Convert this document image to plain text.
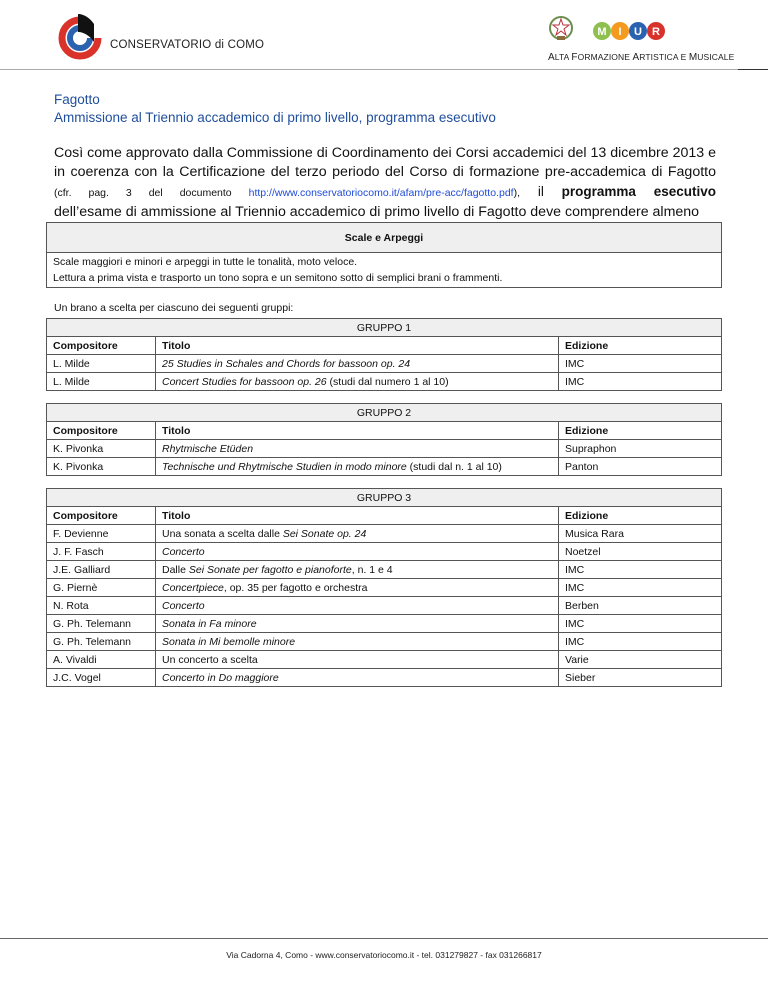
CONSERVATORIO di COMO
M I U R
ALTA FORMAZIONE ARTISTICA E MUSICALE
Fagotto
Ammissione al Triennio accademico di primo livello, programma esecutivo

Così come approvato dalla Commissione di Coordinamento dei Corsi accademici del 13 dicembre 2013 e

in coerenza con la Certificazione del terzo periodo del Corso di formazione pre-accademica di Fagotto

(cfr. pag. 3 del documento http://www.conservatoriocomo.it/afam/pre-acc/fagotto.pdf), il programma esecutivo

dell’esame di ammissione al Triennio accademico di primo livello di Fagotto deve comprendere almeno

Scale e Arpeggi

Scale maggiori e minori e arpeggi in tutte le tonalità, moto veloce.
Lettura a prima vista e trasporto un tono sopra e un semitono sotto di semplici brani o frammenti.
Un brano a scelta per ciascuno dei seguenti gruppi:
GRUPPO 1		
Compositore	Titolo	Edizione
L. Milde	25 Studies in Schales and Chords for bassoon op. 24	IMC
L. Milde	Concert Studies for bassoon op. 26 (studi dal numero 1 al 10)	IMC
GRUPPO 2		
Compositore	Titolo	Edizione
K. Pivonka	Rhytmische Etüden	Supraphon
K. Pivonka	Technische und Rhytmische Studien in modo minore (studi dal n. 1 al 10)	Panton
GRUPPO 3		
Compositore	Titolo	Edizione
F. Devienne	Una sonata a scelta dalle Sei Sonate op. 24	Musica Rara
J. F. Fasch	Concerto	Noetzel
J.E. Galliard	Dalle Sei Sonate per fagotto e pianoforte, n. 1 e 4	IMC
G. Piernè	Concertpiece, op. 35 per fagotto e orchestra	IMC
N. Rota	Concerto	Berben
G. Ph. Telemann	Sonata in Fa minore	IMC
G. Ph. Telemann	Sonata in Mi bemolle minore	IMC
A. Vivaldi	Un concerto a scelta	Varie
J.C. Vogel	Concerto in Do maggiore	Sieber
Via Cadorna 4, Como - www.conservatoriocomo.it - tel. 031279827 - fax 031266817
